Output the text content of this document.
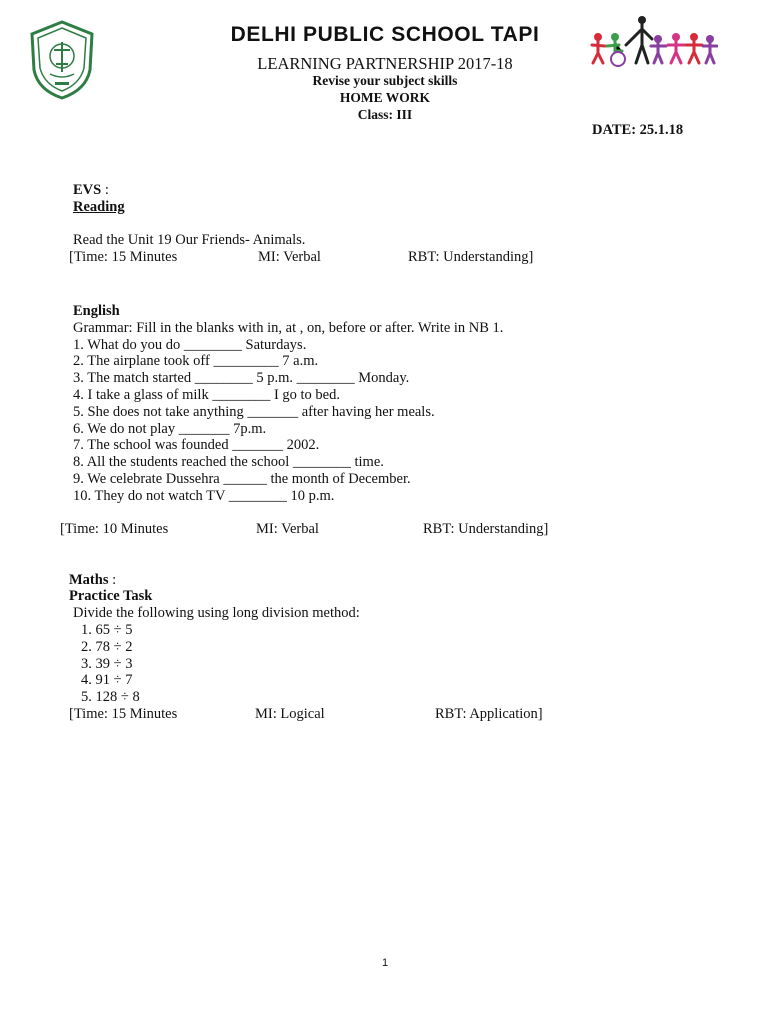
DELHI PUBLIC SCHOOL TAPI
LEARNING PARTNERSHIP 2017-18
Revise your subject skills
HOME WORK
Class: III
DATE: 25.1.18
EVS :
Reading
Read the Unit 19 Our Friends- Animals.
[Time: 15 Minutes	MI: Verbal	RBT: Understanding]
English
Grammar: Fill in the blanks with in, at , on, before or after. Write in NB 1.
1. What do you do ________ Saturdays.
2. The airplane took off _________ 7 a.m.
3. The match started ________ 5 p.m. ________ Monday.
4. I take a glass of milk ________ I go to bed.
5. She does not take anything _______ after having her meals.
6. We do not play _______ 7p.m.
7. The school was founded _______ 2002.
8. All the students reached the school ________ time.
9. We celebrate Dussehra ______ the month of December.
10. They do not watch TV ________ 10 p.m.
[Time: 10 Minutes	MI: Verbal	RBT: Understanding]
Maths :
Practice Task
Divide the following using long division method:
1. 65 ÷ 5
2. 78 ÷ 2
3. 39 ÷ 3
4. 91 ÷ 7
5. 128 ÷ 8
[Time: 15 Minutes	MI: Logical	RBT: Application]
1
